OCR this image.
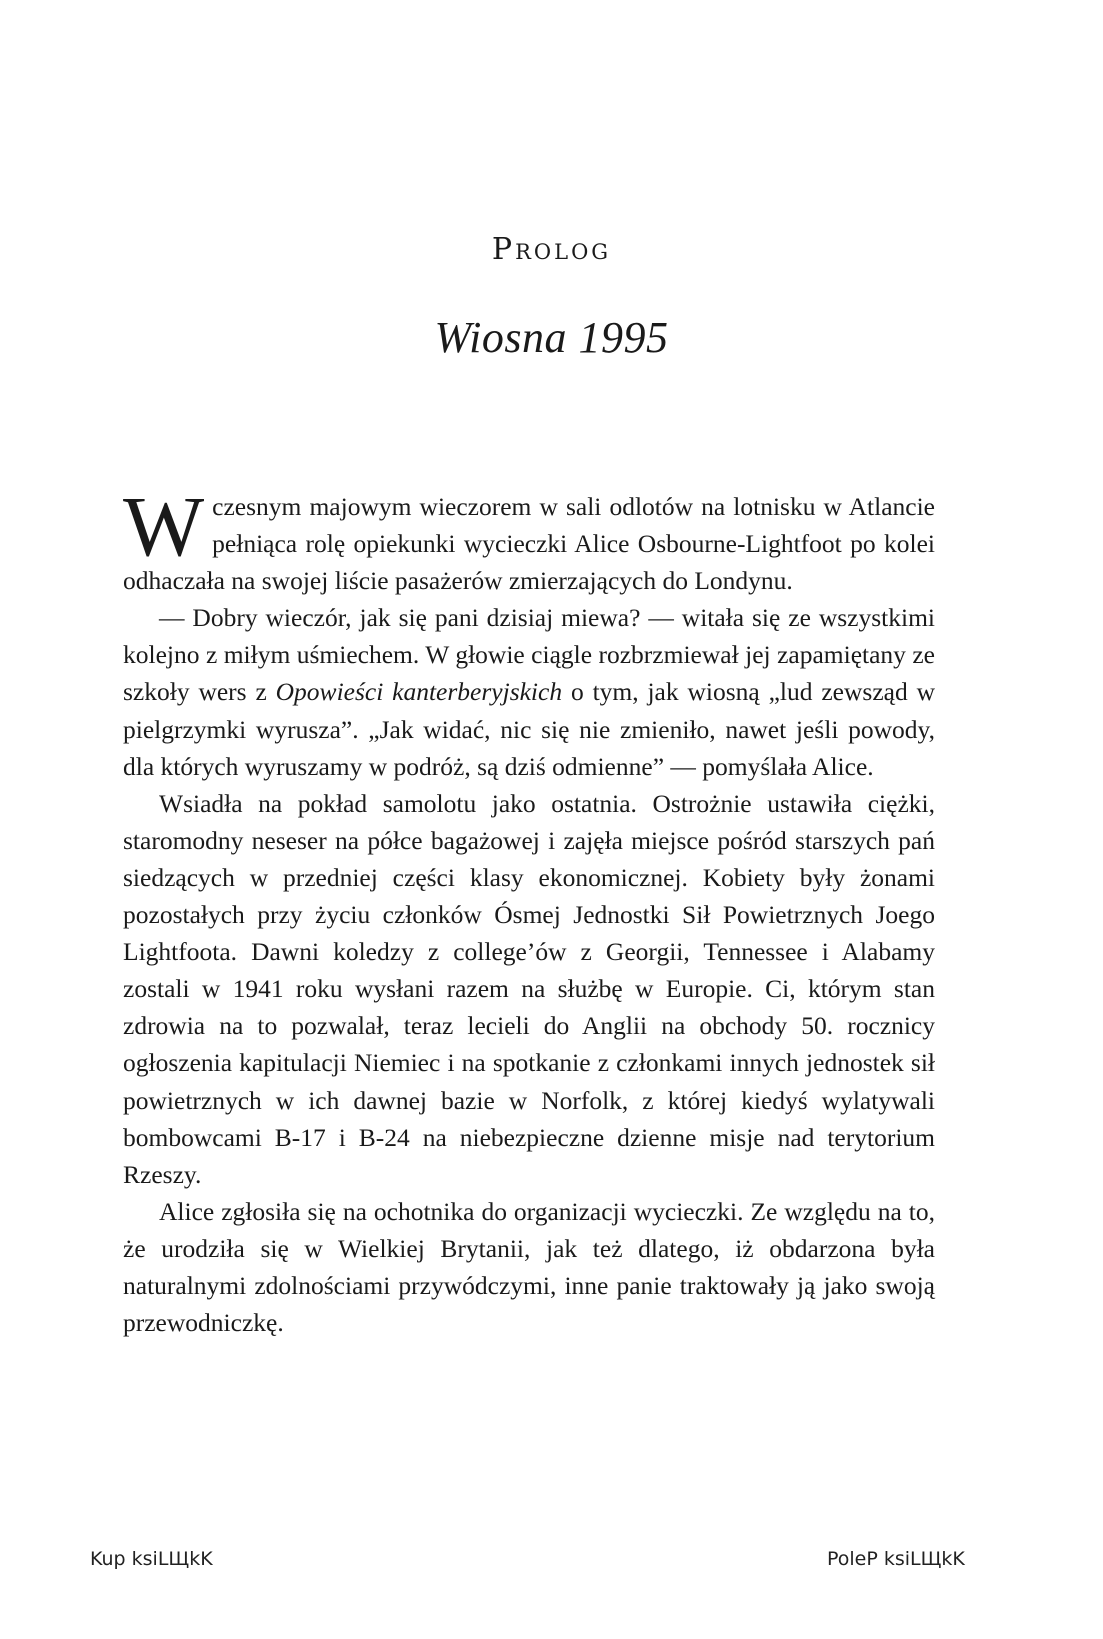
Prolog
Wiosna 1995

Wczesnym majowym wieczorem w sali odlotów na lotnisku w Atlancie pełniąca rolę opiekunki wycieczki Alice Osbourne-Lightfoot po kolei odhaczała na swojej liście pasażerów zmierzających do Londynu.

— Dobry wieczór, jak się pani dzisiaj miewa? — witała się ze wszystkimi kolejno z miłym uśmiechem. W głowie ciągle rozbrzmiewał jej zapamiętany ze szkoły wers z Opowieści kanterberyjskich o tym, jak wiosną „lud zewsząd w pielgrzymki wyrusza”. „Jak widać, nic się nie zmieniło, nawet jeśli powody, dla których wyruszamy w podróż, są dziś odmienne” — pomyślała Alice.

Wsiadła na pokład samolotu jako ostatnia. Ostrożnie ustawiła ciężki, staromodny neseser na półce bagażowej i zajęła miejsce pośród starszych pań siedzących w przedniej części klasy ekonomicznej. Kobiety były żonami pozostałych przy życiu członków Ósmej Jednostki Sił Powietrznych Joego Lightfoota. Dawni koledzy z college’ów z Georgii, Tennessee i Alabamy zostali w 1941 roku wysłani razem na służbę w Europie. Ci, którym stan zdrowia na to pozwalał, teraz lecieli do Anglii na obchody 50. rocznicy ogłoszenia kapitulacji Niemiec i na spotkanie z członkami innych jednostek sił powietrznych w ich dawnej bazie w Norfolk, z której kiedyś wylatywali bombowcami B-17 i B-24 na niebezpieczne dzienne misje nad terytorium Rzeszy.

Alice zgłosiła się na ochotnika do organizacji wycieczki. Ze względu na to, że urodziła się w Wielkiej Brytanii, jak też dlatego, iż obdarzona była naturalnymi zdolnościami przywódczymi, inne panie traktowały ją jako swoją przewodniczkę.

Kup ksiLЩkK	PoleP ksiLЩkK
